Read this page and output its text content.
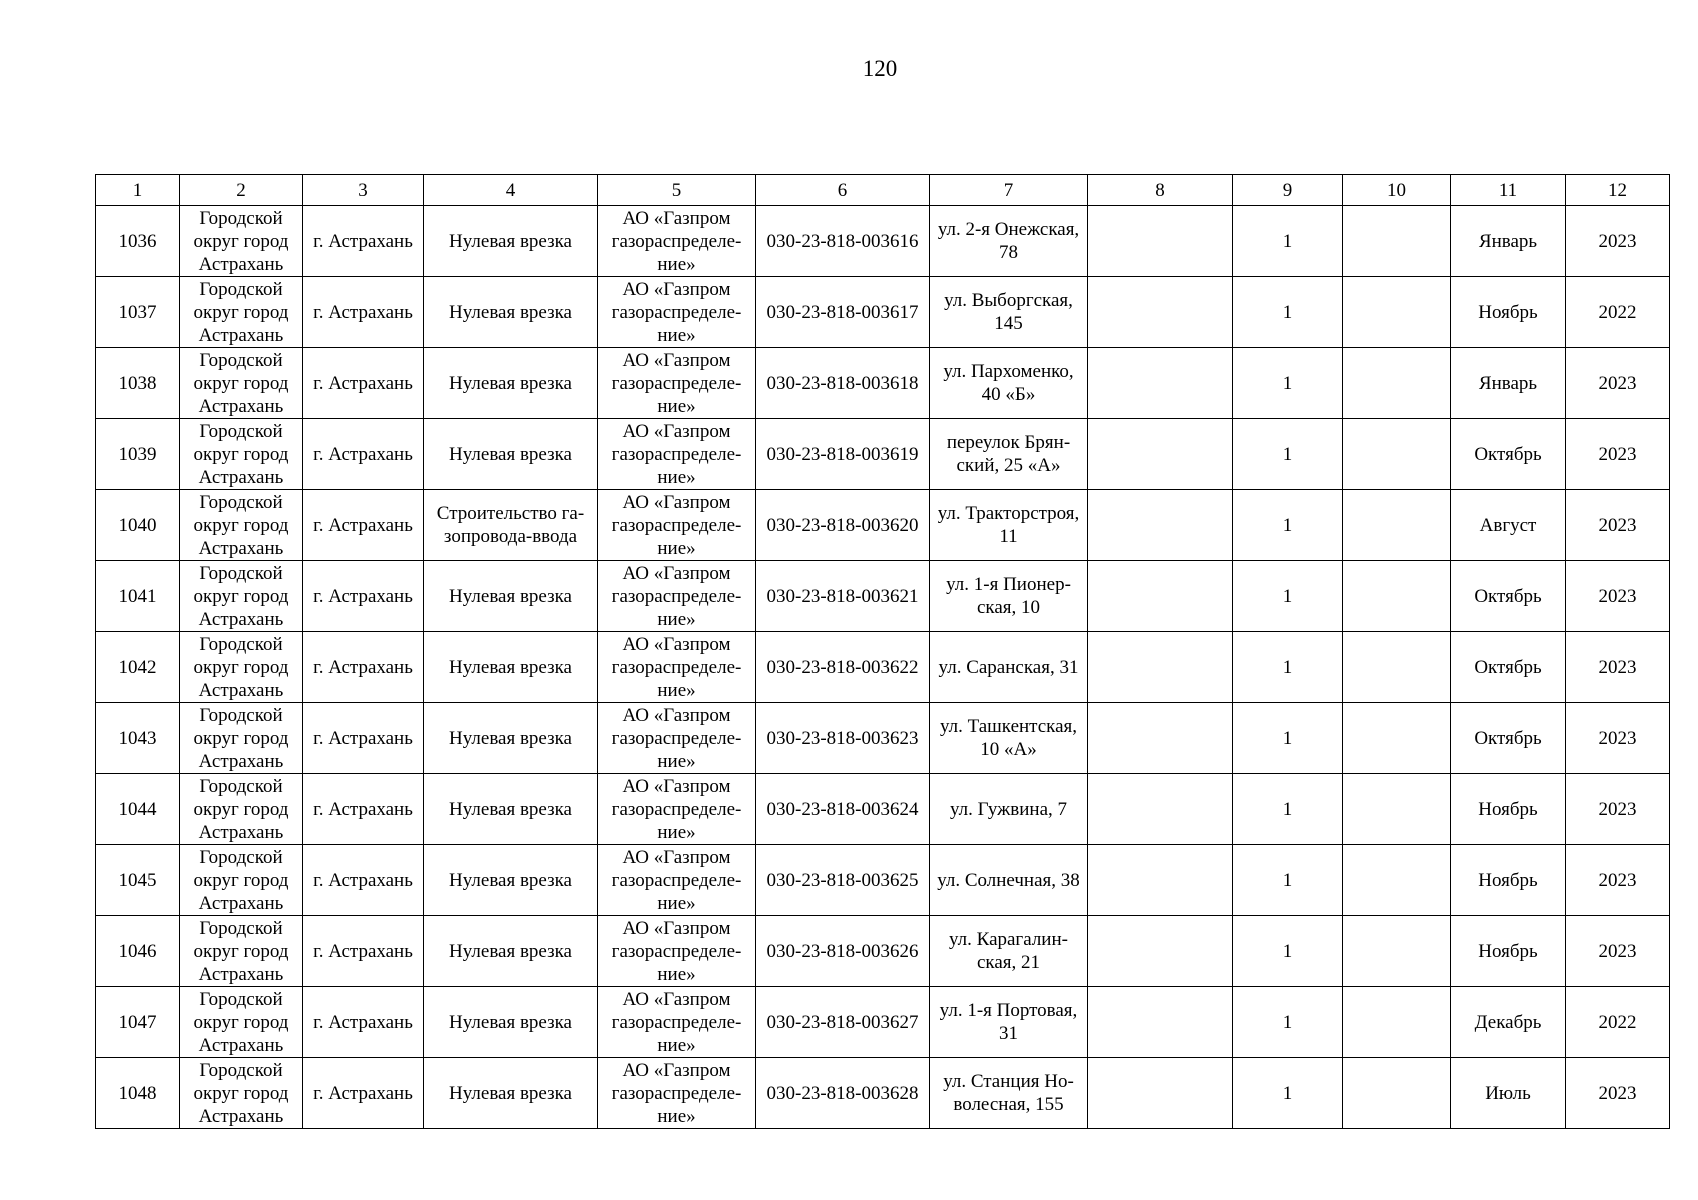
120
1	2	3	4	5	6	7	8	9	10	11	12
1036	Городской округ город Астрахань	г. Астрахань	Нулевая врезка	АО «Газпром газораспределе-ние»	030-23-818-003616	ул. 2-я Онежская, 78		1		Январь	2023
1037	Городской округ город Астрахань	г. Астрахань	Нулевая врезка	АО «Газпром газораспределе-ние»	030-23-818-003617	ул. Выборгская, 145		1		Ноябрь	2022
1038	Городской округ город Астрахань	г. Астрахань	Нулевая врезка	АО «Газпром газораспределе-ние»	030-23-818-003618	ул. Пархоменко, 40 «Б»		1		Январь	2023
1039	Городской округ город Астрахань	г. Астрахань	Нулевая врезка	АО «Газпром газораспределе-ние»	030-23-818-003619	переулок Брян-ский, 25 «А»		1		Октябрь	2023
1040	Городской округ город Астрахань	г. Астрахань	Строительство га-зопровода-ввода	АО «Газпром газораспределе-ние»	030-23-818-003620	ул. Тракторстроя, 11		1		Август	2023
1041	Городской округ город Астрахань	г. Астрахань	Нулевая врезка	АО «Газпром газораспределе-ние»	030-23-818-003621	ул. 1-я Пионер-ская, 10		1		Октябрь	2023
1042	Городской округ город Астрахань	г. Астрахань	Нулевая врезка	АО «Газпром газораспределе-ние»	030-23-818-003622	ул. Саранская, 31		1		Октябрь	2023
1043	Городской округ город Астрахань	г. Астрахань	Нулевая врезка	АО «Газпром газораспределе-ние»	030-23-818-003623	ул. Ташкентская, 10 «А»		1		Октябрь	2023
1044	Городской округ город Астрахань	г. Астрахань	Нулевая врезка	АО «Газпром газораспределе-ние»	030-23-818-003624	ул. Гужвина, 7		1		Ноябрь	2023
1045	Городской округ город Астрахань	г. Астрахань	Нулевая врезка	АО «Газпром газораспределе-ние»	030-23-818-003625	ул. Солнечная, 38		1		Ноябрь	2023
1046	Городской округ город Астрахань	г. Астрахань	Нулевая врезка	АО «Газпром газораспределе-ние»	030-23-818-003626	ул. Карагалин-ская, 21		1		Ноябрь	2023
1047	Городской округ город Астрахань	г. Астрахань	Нулевая врезка	АО «Газпром газораспределе-ние»	030-23-818-003627	ул. 1-я Портовая, 31		1		Декабрь	2022
1048	Городской округ город Астрахань	г. Астрахань	Нулевая врезка	АО «Газпром газораспределе-ние»	030-23-818-003628	ул. Станция Но-волесная, 155		1		Июль	2023
